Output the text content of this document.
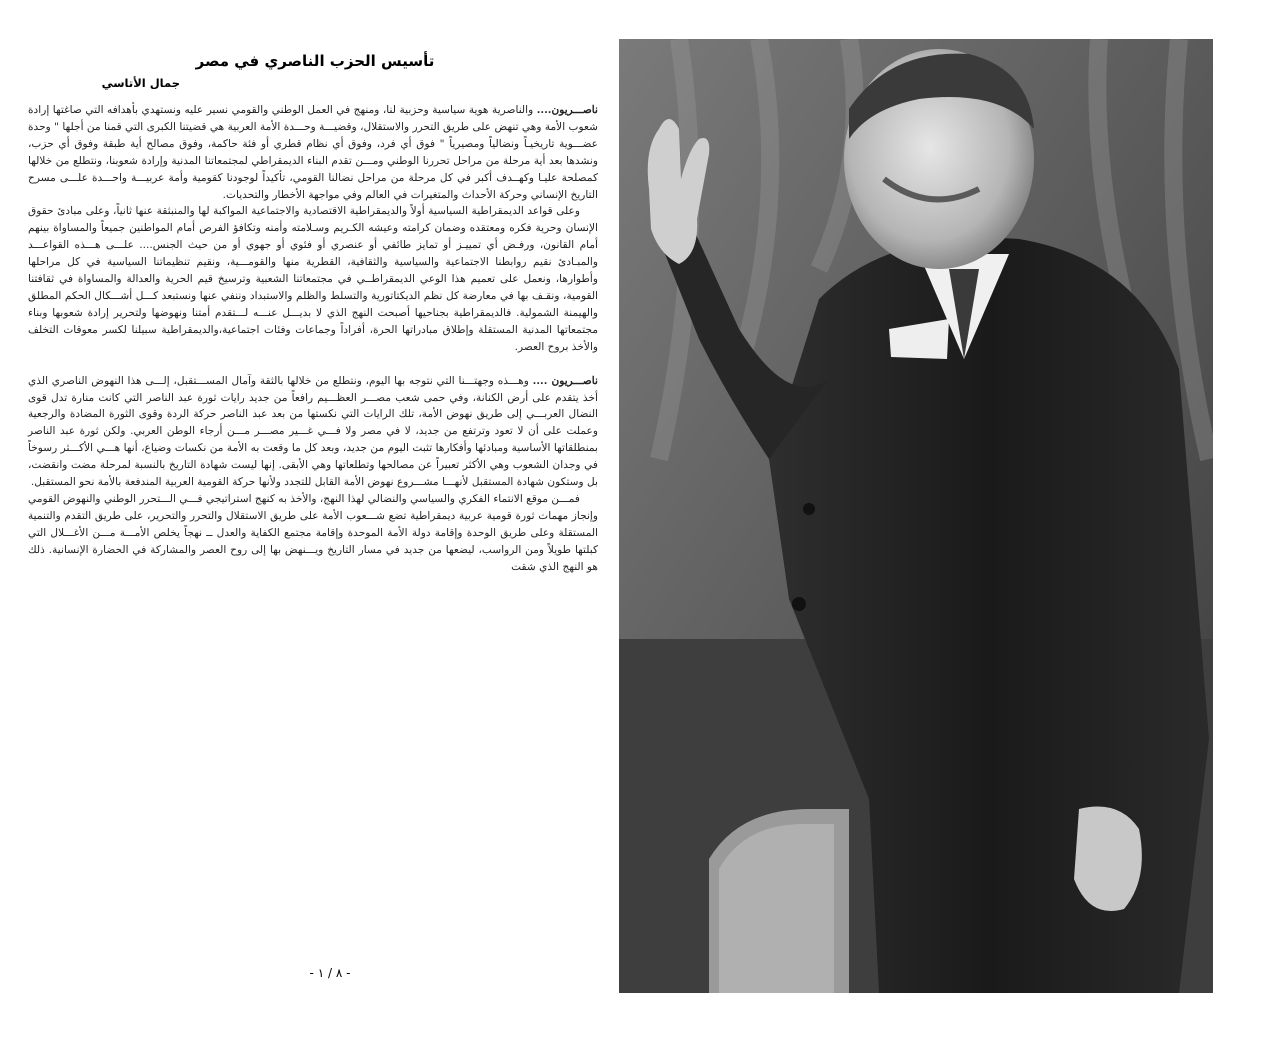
تأسيس الحزب الناصري في مصر
جمال الأتاسي

ناصـــريون.... والناصرية هوية سياسية وحزبية لنا، ومنهج في العمل الوطني والقومي نسير عليه ونستهدي بأهدافه التي صاغتها إرادة شعوب الأمة وهي تنهض على طريق التحرر والاستقلال، وقضيـــة وحـــدة الأمة العربية هي قضيتنا الكبرى التي قمنا من أجلها " وحدة عضـــوية تاريخيـاً ونضالياً ومصيرياً " فوق أي فرد، وفوق أي نظام قطري أو فئة حاكمة، وفوق مصالح أية طبقة وفوق أي حزب، ونشدها بعد أية مرحلة من مراحل تحررنا الوطني ومـــن تقدم البناء الديمقراطي لمجتمعاتنا المدنية وإرادة شعوبنا، ونتطلع من خلالها كمصلحة عليـا وكهــدف أكبر في كل مرحلة من مراحل نضالنا القومي، تأكيداً لوجودنا كقومية وأمة عربيـــة واحـــدة علـــى مسرح التاريخ الإنساني وحركة الأحداث والمتغيرات في العالم وفي مواجهة الأخطار والتحديات.

وعلى قواعد الديمقراطية السياسية أولاً والديمقراطية الاقتصادية والاجتماعية المواكبة لها والمنبثقة عنها ثانياً، وعلى مبادئ حقوق الإنسان وحرية فكره ومعتقده وضمان كرامته وعيشه الكـريم وسـلامته وأمنه وتكافؤ الفرص أمام المواطنين جميعاً والمساواة بينهم أمام القانون، ورفـض أي تمييـز أو تمايز طائفي أو عنصري أو فئوي أو جهوي أو من حيث الجنس.... علـــى هـــذه القواعـــد والمبـادئ نقيم روابطنا الاجتماعية والسياسية والثقافية، القطرية منها والقومـــية، ونقيم تنظيماتنا السياسية في كل مراحلها وأطوارها، ونعمل على تعميم هذا الوعي الديمقراطــي في مجتمعاتنا الشعبية وترسيخ قيم الحرية والعدالة والمساواة في ثقافتنا القومية، ونقـف بها في معارضة كل نظم الديكتاتورية والتسلط والظلم والاستبداد وننفي عنها ونستبعد كـــل أشـــكال الحكم المطلق والهيمنة الشمولية. فالديمقراطية بجناحيها أصبحت النهج الذي لا بديـــل عنـــه لـــتقدم أمتنا ونهوضها ولتحرير إرادة شعوبها وبناء مجتمعاتها المدنية المستقلة وإطلاق مبادراتها الحرة، أفراداً وجماعات وفئات اجتماعية،والديمقراطية سبيلنا لكسر معوقات التخلف والأخذ بروح العصر.

ناصـــريون .... وهـــذه وجهتـــنا التي نتوجه بها اليوم، ونتطلع من خلالها بالثقة وآمال المســـتقبل، إلـــى هذا النهوض الناصري الذي أخذ يتقدم على أرض الكنانة، وفي حمى شعب مصـــر العظـــيم رافعاً من جديد رايات ثورة عبد الناصر التي كانت منارة تدل قوى النضال العربـــي إلى طريق نهوض الأمة، تلك الرايات التي نكستها من بعد عبد الناصر حركة الردة وقوى الثورة المضادة والرجعية وعملت على أن لا تعود وترتفع من جديد، لا في مصر ولا فـــي غـــير مصـــر مـــن أرجاء الوطن العربي. ولكن ثورة عبد الناصر بمنطلقاتها الأساسية ومبادئها وأفكارها تثبت اليوم من جديد، وبعد كل ما وقعت به الأمة من نكسات وضياع، أنها هـــي الأكـــثر رسوخاً في وجدان الشعوب وهي الأكثر تعبيراً عن مصالحها وتطلعاتها وهي الأبقى. إنها ليست شهادة التاريخ بالنسبة لمرحلة مضت وانقضت، بل وستكون شهادة المستقبل لأنهـــا مشـــروع نهوض الأمة القابل للتجدد ولأنها حركة القومية العربية المندفعة بالأمة نحو المستقبل.

فمـــن موقع الانتماء الفكري والسياسي والنضالي لهذا النهج، والأخذ به كنهج استراتيجي فـــي الـــتحرر الوطني والنهوض القومي وإنجاز مهمات ثورة قومية عربية ديمقراطية تضع شـــعوب الأمة على طريق الاستقلال والتحرر والتحرير، على طريق التقدم والتنمية المستقلة وعلى طريق الوحدة وإقامة دولة الأمة الموحدة وإقامة مجتمع الكفاية والعدل ــ نهجاً يخلص الأمـــة مـــن الأغـــلال التي كبلتها طويلاً ومن الرواسب، ليضعها من جديد في مسار التاريخ ويـــنهض بها إلى روح العصر والمشاركة في الحضارة الإنسانية. ذلك هو النهج الذي شقت

- ٨ / ١ -
